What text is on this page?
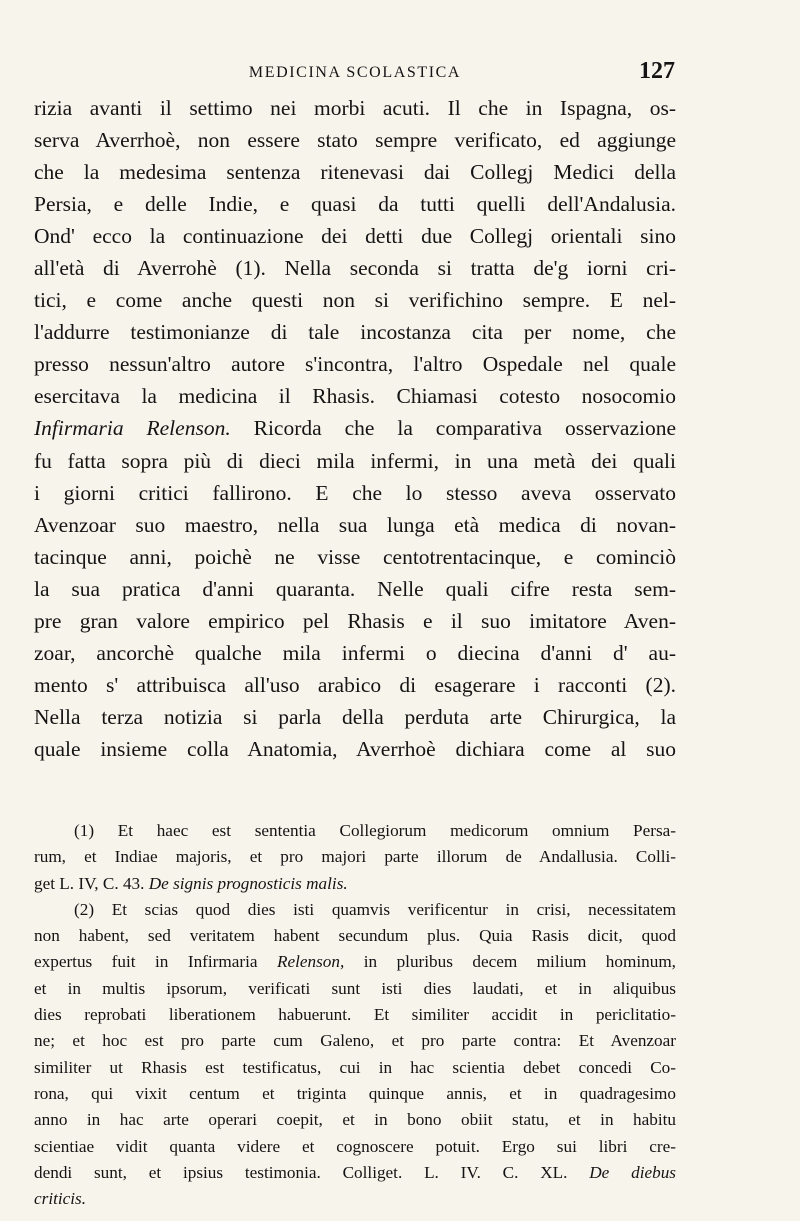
MEDICINA SCOLASTICA	127
rizia avanti il settimo nei morbi acuti. Il che in Ispagna, os-
serva Averrhoè, non essere stato sempre verificato, ed aggiunge
che la medesima sentenza ritenevasi dai Collegj Medici della
Persia, e delle Indie, e quasi da tutti quelli dell'Andalusia.
Ond' ecco la continuazione dei detti due Collegj orientali sino
all'età di Averrohè (1). Nella seconda si tratta de'g iorni cri-
tici, e come anche questi non si verifichino sempre. E nel-
l'addurre testimonianze di tale incostanza cita per nome, che
presso nessun'altro autore s'incontra, l'altro Ospedale nel quale
esercitava la medicina il Rhasis. Chiamasi cotesto nosocomio
Infirmaria Relenson. Ricorda che la comparativa osservazione
fu fatta sopra più di dieci mila infermi, in una metà dei quali
i giorni critici fallirono. E che lo stesso aveva osservato
Avenzoar suo maestro, nella sua lunga età medica di novan-
tacinque anni, poichè ne visse centotrentacinque, e cominciò
la sua pratica d'anni quaranta. Nelle quali cifre resta sem-
pre gran valore empirico pel Rhasis e il suo imitatore Aven-
zoar, ancorchè qualche mila infermi o diecina d'anni d' au-
mento s' attribuisca all'uso arabico di esagerare i racconti (2).
Nella terza notizia si parla della perduta arte Chirurgica, la
quale insieme colla Anatomia, Averrhoè dichiara come al suo
(1) Et haec est sententia Collegiorum medicorum omnium Persa-
rum, et Indiae majoris, et pro majori parte illorum de Andallusia. Colli-
get L. IV, C. 43. De signis prognosticis malis.
(2) Et scias quod dies isti quamvis verificentur in crisi, necessitatem
non habent, sed veritatem habent secundum plus. Quia Rasis dicit, quod
expertus fuit in Infirmaria Relenson, in pluribus decem milium hominum,
et in multis ipsorum, verificati sunt isti dies laudati, et in aliquibus
dies reprobati liberationem habuerunt. Et similiter accidit in periclitatio-
ne; et hoc est pro parte cum Galeno, et pro parte contra: Et Avenzoar
similiter ut Rhasis est testificatus, cui in hac scientia debet concedi Co-
rona, qui vixit centum et triginta quinque annis, et in quadragesimo
anno in hac arte operari coepit, et in bono obiit statu, et in habitu
scientiae vidit quanta videre et cognoscere potuit. Ergo sui libri cre-
dendi sunt, et ipsius testimonia. Colliget. L. IV. C. XL. De diebus
criticis.
